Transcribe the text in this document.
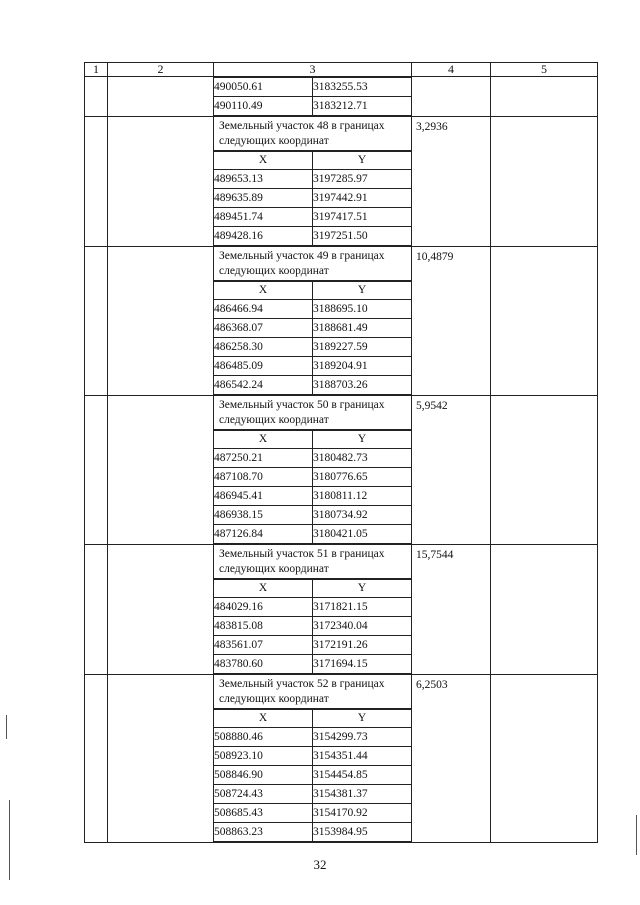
1	2	3	4	5

490050.61	3183255.53
490110.49	3183212.71

Земельный участок 48 в границах следующих координат
X	Y
489653.13	3197285.97
489635.89	3197442.91
489451.74	3197417.51
489428.16	3197251.50

3,2936

Земельный участок 49 в границах следующих координат
X	Y
486466.94	3188695.10
486368.07	3188681.49
486258.30	3189227.59
486485.09	3189204.91
486542.24	3188703.26

10,4879

Земельный участок 50 в границах следующих координат
X	Y
487250.21	3180482.73
487108.70	3180776.65
486945.41	3180811.12
486938.15	3180734.92
487126.84	3180421.05

5,9542

Земельный участок 51 в границах следующих координат
X	Y
484029.16	3171821.15
483815.08	3172340.04
483561.07	3172191.26
483780.60	3171694.15

15,7544

Земельный участок 52 в границах следующих координат
X	Y
508880.46	3154299.73
508923.10	3154351.44
508846.90	3154454.85
508724.43	3154381.37
508685.43	3154170.92
508863.23	3153984.95

6,2503

32
